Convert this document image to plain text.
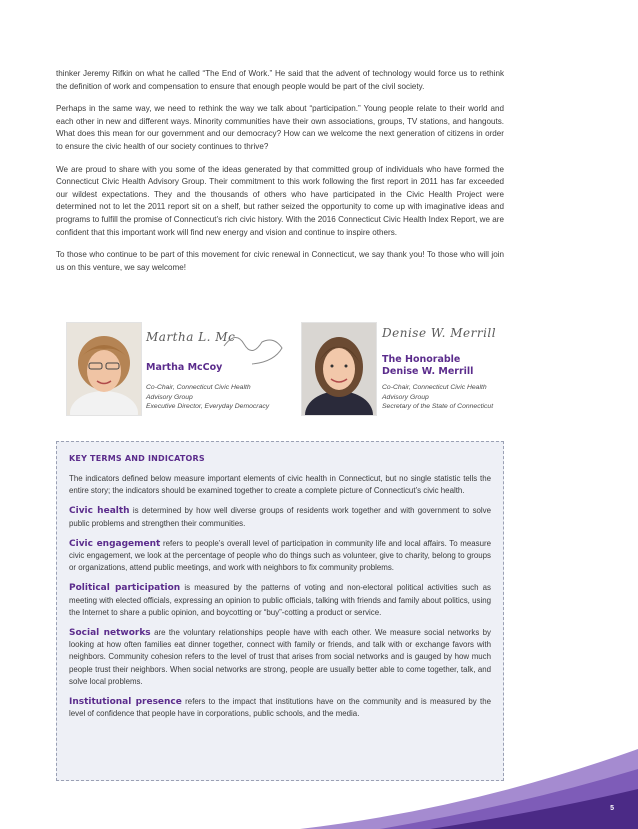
thinker Jeremy Rifkin on what he called “The End of Work.” He said that the advent of technology would force us to rethink the definition of work and compensation to ensure that enough people would be part of the civil society.

Perhaps in the same way, we need to rethink the way we talk about “participation.” Young people relate to their world and each other in new and different ways. Minority communities have their own associations, groups, TV stations, and hangouts. What does this mean for our government and our democracy? How can we welcome the next generation of citizens in order to ensure the civic health of our society continues to thrive?

We are proud to share with you some of the ideas generated by that committed group of individuals who have formed the Connecticut Civic Health Advisory Group. Their commitment to this work following the first report in 2011 has far exceeded our wildest expectations. They and the thousands of others who have participated in the Civic Health Project were determined not to let the 2011 report sit on a shelf, but rather seized the opportunity to come up with imaginative ideas and programs to fulfill the promise of Connecticut’s rich civic history. With the 2016 Connecticut Civic Health Index Report, we are confident that this important work will find new energy and vision and continue to inspire others.

To those who continue to be part of this movement for civic renewal in Connecticut, we say thank you! To those who will join us on this venture, we say welcome!

Martha L. Mc
Martha McCoy
Co-Chair, Connecticut Civic Health
Advisory Group
Executive Director, Everyday Democracy
Denise W. Merrill
The Honorable
Denise W. Merrill
Co-Chair, Connecticut Civic Health
Advisory Group
Secretary of the State of Connecticut
KEY TERMS AND INDICATORS

The indicators defined below measure important elements of civic health in Connecticut, but no single statistic tells the entire story; the indicators should be examined together to create a complete picture of Connecticut’s civic health.

Civic health is determined by how well diverse groups of residents work together and with government to solve public problems and strengthen their communities.

Civic engagement refers to people’s overall level of participation in community life and local affairs. To measure civic engagement, we look at the percentage of people who do things such as volunteer, give to charity, belong to groups or organizations, attend public meetings, and work with neighbors to fix community problems.

Political participation is measured by the patterns of voting and non-electoral political activities such as meeting with elected officials, expressing an opinion to public officials, talking with friends and family about politics, using the Internet to share a public opinion, and boycotting or “buy”-cotting a product or service.

Social networks are the voluntary relationships people have with each other. We measure social networks by looking at how often families eat dinner together, connect with family or friends, and talk with or exchange favors with neighbors. Community cohesion refers to the level of trust that arises from social networks and is gauged by how much people trust their neighbors. When social networks are strong, people are usually better able to come together, talk, and solve local problems.

Institutional presence refers to the impact that institutions have on the community and is measured by the level of confidence that people have in corporations, public schools, and the media.

5
